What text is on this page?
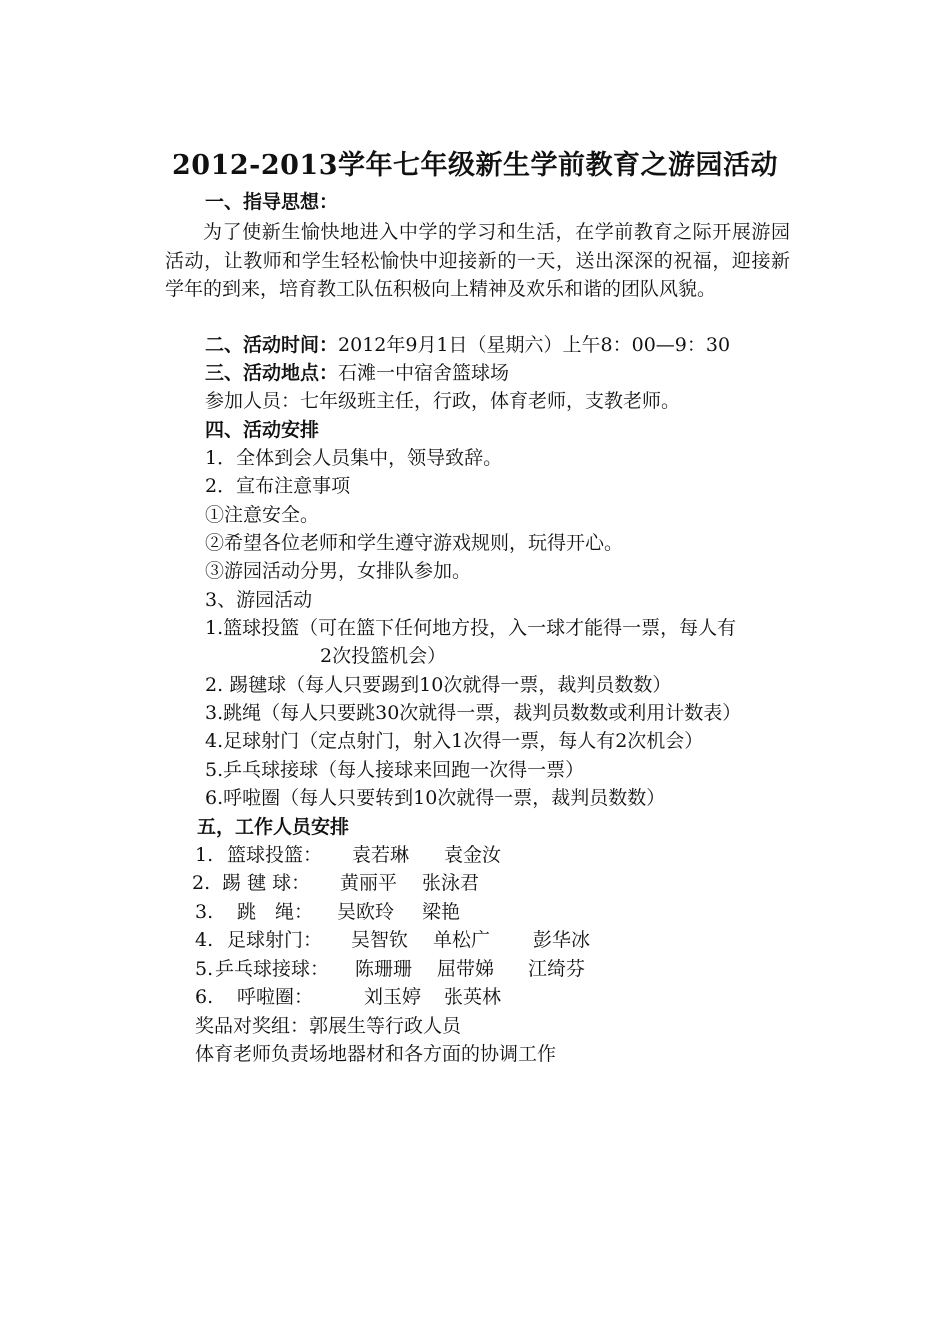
2012-2013学年七年级新生学前教育之游园活动
一、指导思想：
为了使新生愉快地进入中学的学习和生活，在学前教育之际开展游园活动，让教师和学生轻松愉快中迎接新的一天，送出深深的祝福，迎接新学年的到来，培育教工队伍积极向上精神及欢乐和谐的团队风貌。
二、活动时间：2012年9月1日（星期六）上午8：00—9：30
三、活动地点：石滩一中宿舍篮球场
参加人员：七年级班主任，行政，体育老师，支教老师。
四、活动安排
1．全体到会人员集中，领导致辞。
2．宣布注意事项
①注意安全。
②希望各位老师和学生遵守游戏规则，玩得开心。
③游园活动分男，女排队参加。
3、游园活动
1.篮球投篮（可在篮下任何地方投，入一球才能得一票，每人有
2次投篮机会）
2. 踢毽球（每人只要踢到10次就得一票，裁判员数数）
3.跳绳（每人只要跳30次就得一票，裁判员数数或利用计数表）
4.足球射门（定点射门，射入1次得一票，每人有2次机会）
5.乒乓球接球（每人接球来回跑一次得一票）
6.呼啦圈（每人只要转到10次就得一票，裁判员数数）
五，工作人员安排
1. 篮球投篮： 袁若琳 袁金汝
2. 踢 毽 球： 黄丽平 张泳君
3. 跳　绳： 吴欧玲 梁艳
4. 足球射门： 吴智钦 单松广 彭华冰
5.乒乓球接球： 陈珊珊 屈带娣 江绮芬
6. 呼啦圈：	刘玉婷 张英林
奖品对奖组：郭展生等行政人员
体育老师负责场地器材和各方面的协调工作
